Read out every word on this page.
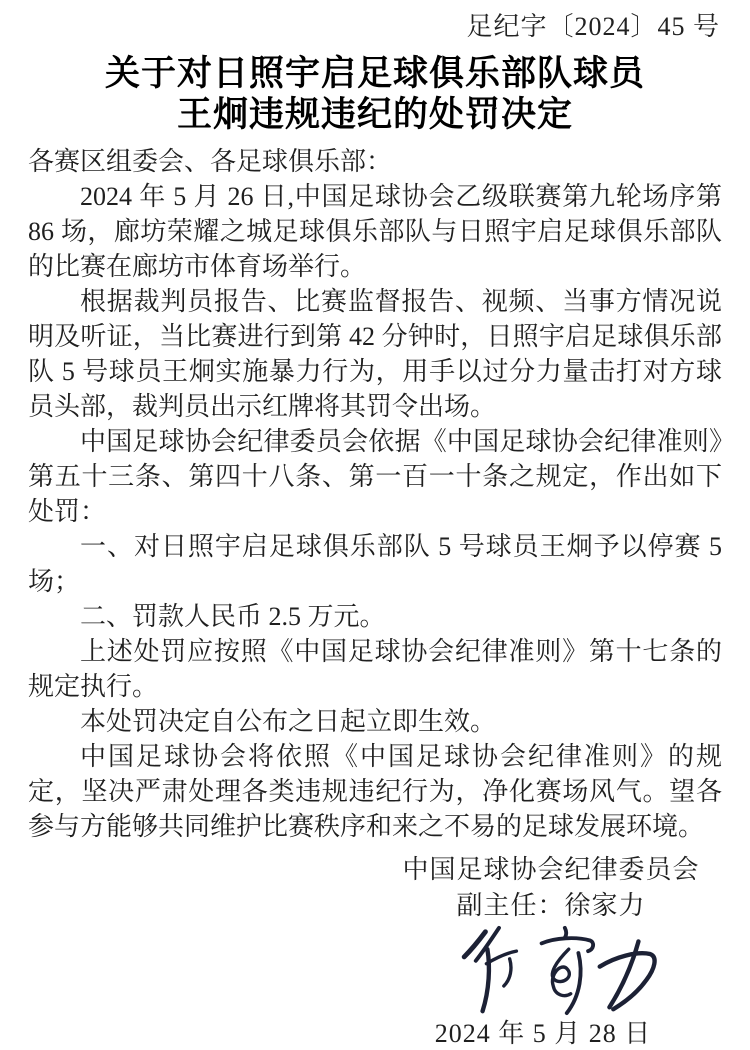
足纪字〔2024〕45 号
关于对日照宇启足球俱乐部队球员
王炯违规违纪的处罚决定
各赛区组委会、各足球俱乐部：

2024 年 5 月 26 日,中国足球协会乙级联赛第九轮场序第 86 场，廊坊荣耀之城足球俱乐部队与日照宇启足球俱乐部队的比赛在廊坊市体育场举行。

根据裁判员报告、比赛监督报告、视频、当事方情况说明及听证，当比赛进行到第 42 分钟时，日照宇启足球俱乐部队 5 号球员王炯实施暴力行为，用手以过分力量击打对方球员头部，裁判员出示红牌将其罚令出场。

中国足球协会纪律委员会依据《中国足球协会纪律准则》第五十三条、第四十八条、第一百一十条之规定，作出如下处罚：

一、对日照宇启足球俱乐部队 5 号球员王炯予以停赛 5 场；

二、罚款人民币 2.5 万元。

上述处罚应按照《中国足球协会纪律准则》第十七条的规定执行。

本处罚决定自公布之日起立即生效。

中国足球协会将依照《中国足球协会纪律准则》的规定，坚决严肃处理各类违规违纪行为，净化赛场风气。望各参与方能够共同维护比赛秩序和来之不易的足球发展环境。

中国足球协会纪律委员会
副主任：徐家力
2024 年 5 月 28 日
